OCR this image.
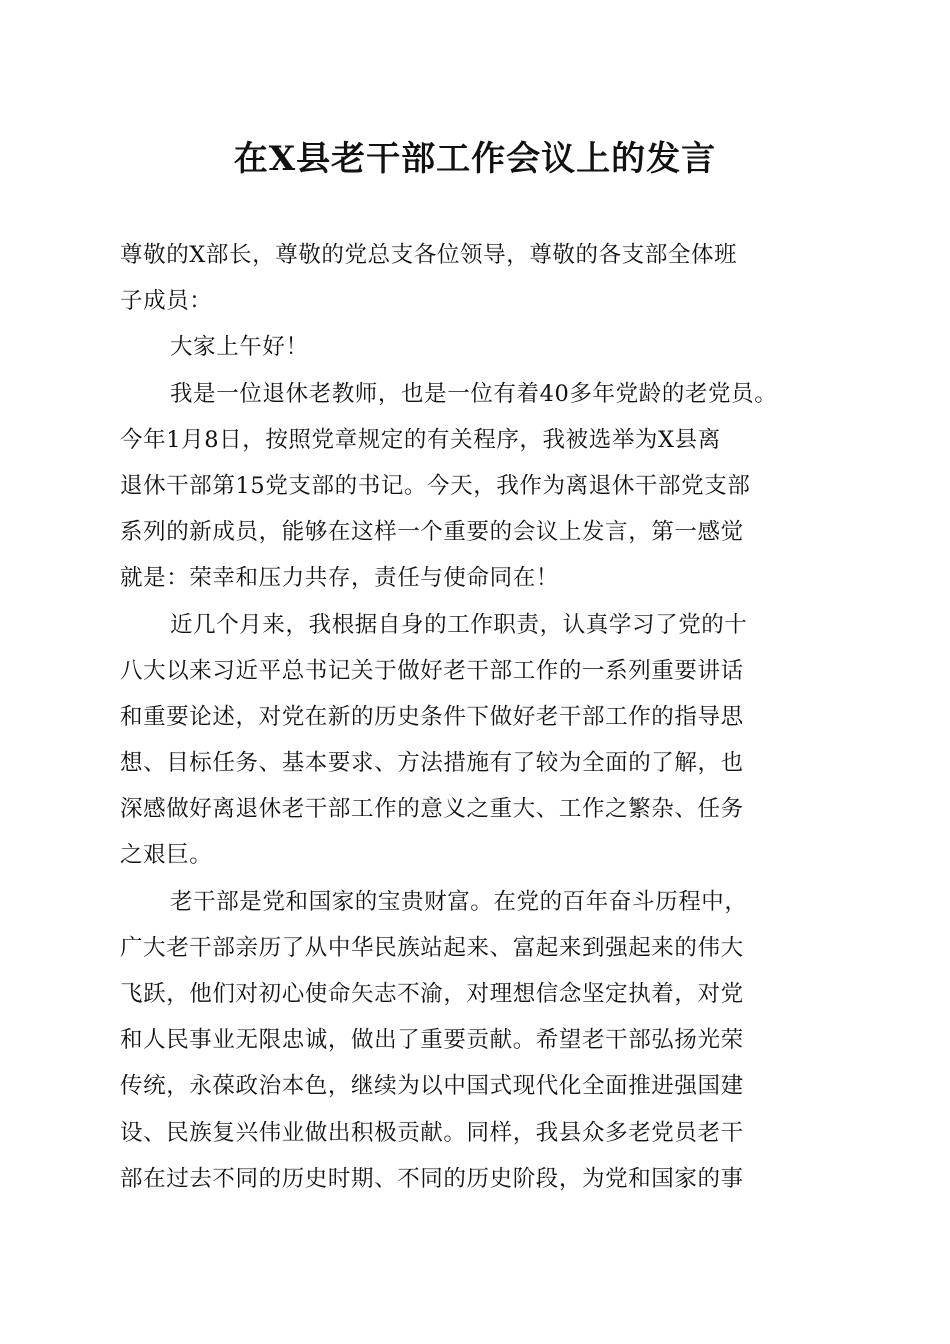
在X县老干部工作会议上的发言
尊敬的X部长，尊敬的党总支各位领导，尊敬的各支部全体班
子成员：
大家上午好！
我是一位退休老教师，也是一位有着40多年党龄的老党员。
今年1月8日，按照党章规定的有关程序，我被选举为X县离
退休干部第15党支部的书记。今天，我作为离退休干部党支部
系列的新成员，能够在这样一个重要的会议上发言，第一感觉
就是：荣幸和压力共存，责任与使命同在！
近几个月来，我根据自身的工作职责，认真学习了党的十
八大以来习近平总书记关于做好老干部工作的一系列重要讲话
和重要论述，对党在新的历史条件下做好老干部工作的指导思
想、目标任务、基本要求、方法措施有了较为全面的了解，也
深感做好离退休老干部工作的意义之重大、工作之繁杂、任务
之艰巨。
老干部是党和国家的宝贵财富。在党的百年奋斗历程中，
广大老干部亲历了从中华民族站起来、富起来到强起来的伟大
飞跃，他们对初心使命矢志不渝，对理想信念坚定执着，对党
和人民事业无限忠诚，做出了重要贡献。希望老干部弘扬光荣
传统，永葆政治本色，继续为以中国式现代化全面推进强国建
设、民族复兴伟业做出积极贡献。同样，我县众多老党员老干
部在过去不同的历史时期、不同的历史阶段，为党和国家的事
